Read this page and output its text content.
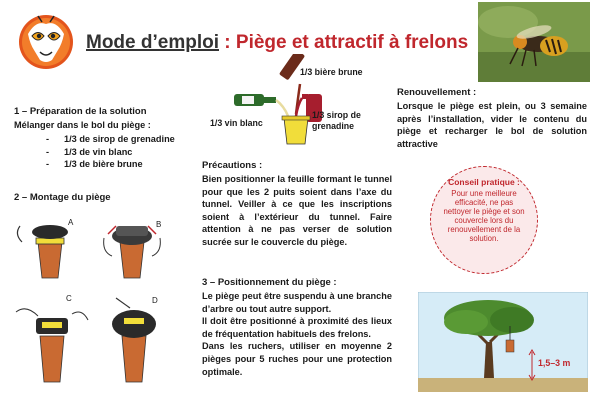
Mode d’emploi : Piège et attractif à frelons
1 – Préparation de la solution
Mélanger dans le bol du piège :
- 1/3 de sirop de grenadine
- 1/3 de vin blanc
- 1/3 de bière brune
2 – Montage du piège
A	B
C	D
1/3 bière brune
1/3 vin blanc
1/3 sirop de grenadine
Précautions :
Bien positionner la feuille formant le tunnel pour que les 2 puits soient dans l’axe du tunnel. Veiller à ce que les inscriptions soient à l’extérieur du tunnel. Faire attention à ne pas verser de solution sucrée sur le couvercle du piège.
3 – Positionnement du piège :
Le piège peut être suspendu à une branche d’arbre ou tout autre support.
Il doit être positionné à proximité des lieux de fréquentation habituels des frelons.
Dans les ruchers, utiliser en moyenne 2 pièges pour 5 ruches pour une protection optimale.
Renouvellement :
Lorsque le piège est plein, ou 3 semaine après l’installation, vider le contenu du piège et recharger le bol de solution attractive
Conseil pratique :
Pour une meilleure efficacité, ne pas nettoyer le piège et son couvercle lors du renouvellement de la solution.
1,5–3 m
